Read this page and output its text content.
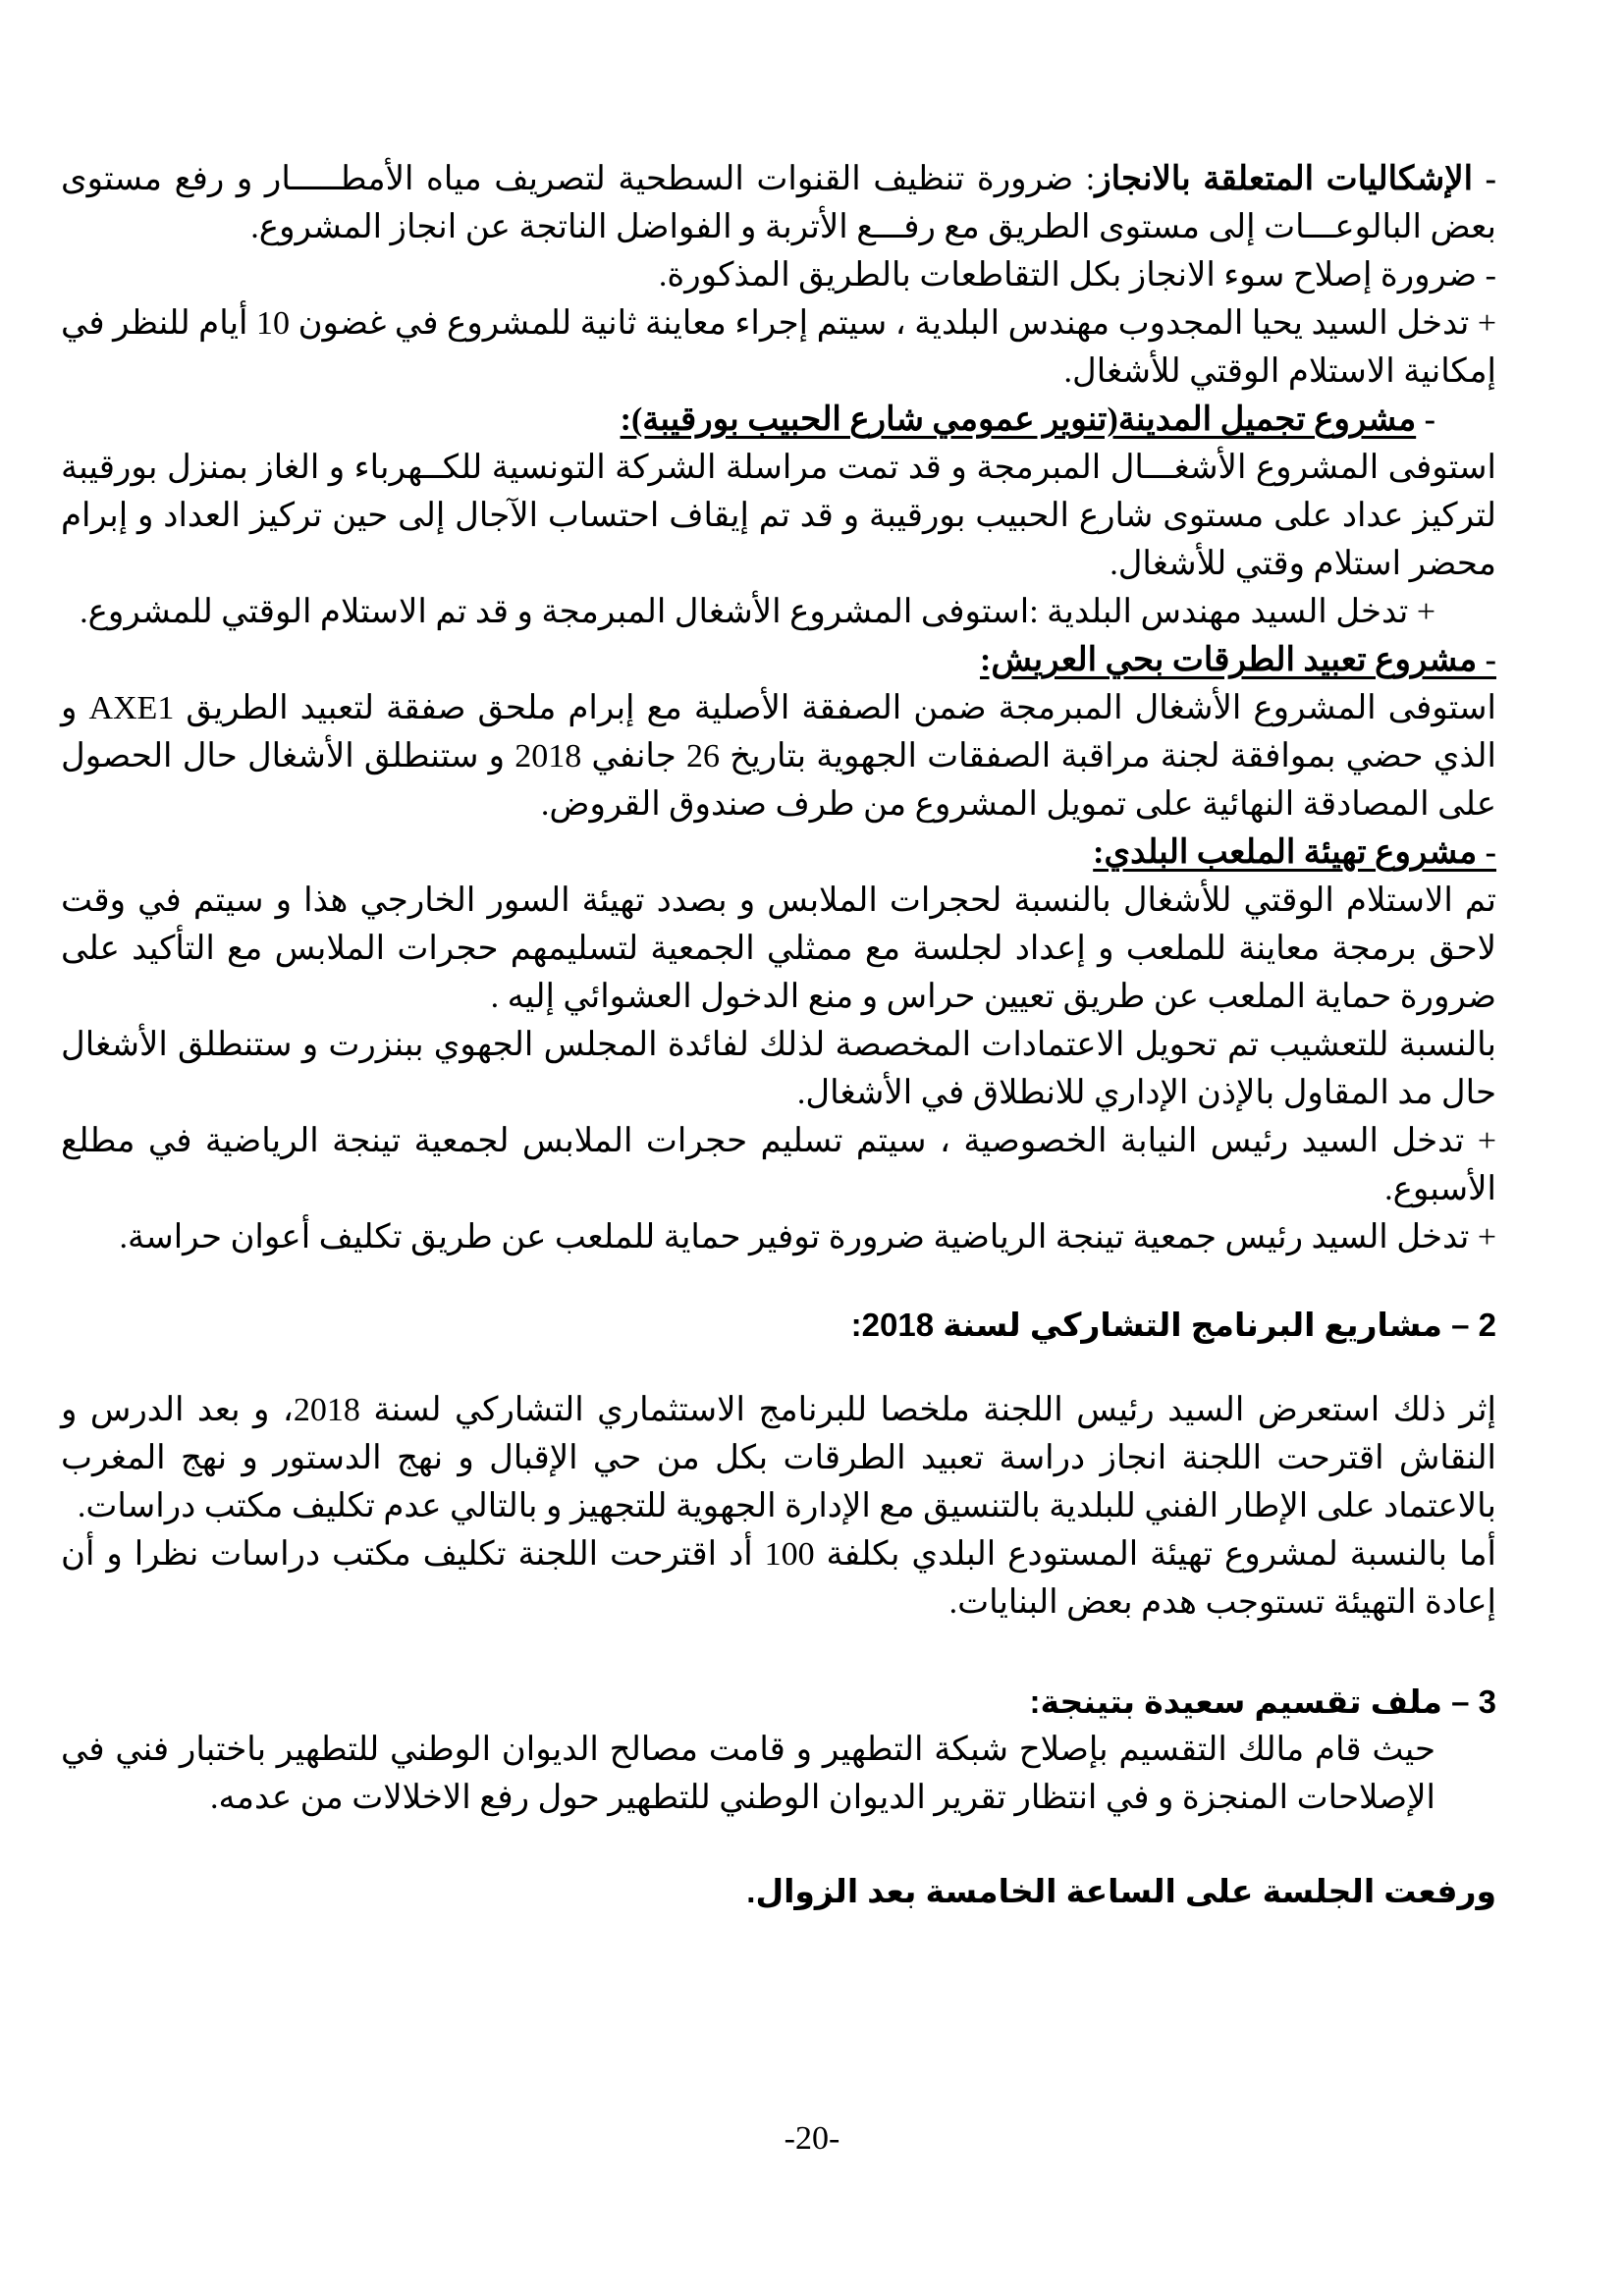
- الإشكاليات المتعلقة بالانجاز: ضرورة تنظيف القنوات السطحية لتصريف مياه الأمطـــــار و رفع مستوى بعض البالوعـــات إلى مستوى الطريق مع رفـــع الأتربة و الفواضل الناتجة عن انجاز المشروع.

- ضرورة إصلاح سوء الانجاز بكل التقاطعات بالطريق المذكورة.

+ تدخل السيد يحيا المجدوب مهندس البلدية ، سيتم إجراء معاينة ثانية للمشروع في غضون 10 أيام للنظر في إمكانية الاستلام الوقتي للأشغال.

- مشروع تجميل المدينة(تنوير عمومي شارع الحبيب بورقيبة):

استوفى المشروع الأشغـــال المبرمجة و قد تمت مراسلة الشركة التونسية للكــهرباء و الغاز بمنزل بورقيبة لتركيز عداد على مستوى شارع الحبيب بورقيبة و قد تم إيقاف احتساب الآجال إلى حين تركيز العداد و إبرام محضر استلام وقتي للأشغال.

+ تدخل السيد مهندس البلدية :استوفى المشروع الأشغال المبرمجة و قد تم الاستلام الوقتي للمشروع.

- مشروع تعبيد الطرقات بحي العريش:

استوفى المشروع الأشغال المبرمجة ضمن الصفقة الأصلية مع إبرام ملحق صفقة لتعبيد الطريق AXE1 و الذي حضي بموافقة لجنة مراقبة الصفقات الجهوية بتاريخ 26 جانفي 2018 و ستنطلق الأشغال حال الحصول على المصادقة النهائية على تمويل المشروع من طرف صندوق القروض.

- مشروع تهيئة الملعب البلدي:

تم الاستلام الوقتي للأشغال بالنسبة لحجرات الملابس و بصدد تهيئة السور الخارجي هذا و سيتم في وقت لاحق برمجة معاينة للملعب و إعداد لجلسة مع ممثلي الجمعية لتسليمهم حجرات الملابس مع التأكيد على ضرورة حماية الملعب عن طريق تعيين حراس و منع الدخول العشوائي إليه .

بالنسبة للتعشيب تم تحويل الاعتمادات المخصصة لذلك لفائدة المجلس الجهوي ببنزرت و ستنطلق الأشغال حال مد المقاول بالإذن الإداري للانطلاق في الأشغال.

+ تدخل السيد رئيس النيابة الخصوصية ، سيتم تسليم حجرات الملابس لجمعية تينجة الرياضية في مطلع الأسبوع.

+ تدخل السيد رئيس جمعية تينجة الرياضية ضرورة توفير حماية للملعب عن طريق تكليف أعوان حراسة.

2 – مشاريع البرنامج التشاركي لسنة 2018:

إثر ذلك استعرض السيد رئيس اللجنة ملخصا للبرنامج الاستثماري التشاركي لسنة 2018، و بعد الدرس و النقاش اقترحت اللجنة انجاز دراسة تعبيد الطرقات بكل من حي الإقبال و نهج الدستور و نهج المغرب بالاعتماد على الإطار الفني للبلدية بالتنسيق مع الإدارة الجهوية للتجهيز و بالتالي عدم تكليف مكتب دراسات.

أما بالنسبة لمشروع تهيئة المستودع البلدي بكلفة 100 أد اقترحت اللجنة تكليف مكتب دراسات نظرا و أن إعادة التهيئة تستوجب هدم بعض البنايات.

3 – ملف تقسيم سعيدة بتينجة:

حيث قام مالك التقسيم بإصلاح شبكة التطهير و قامت مصالح الديوان الوطني للتطهير باختبار فني في الإصلاحات المنجزة و في انتظار تقرير الديوان الوطني للتطهير حول رفع الاخلالات من عدمه.

ورفعت الجلسة على الساعة الخامسة بعد الزوال.

-20-
